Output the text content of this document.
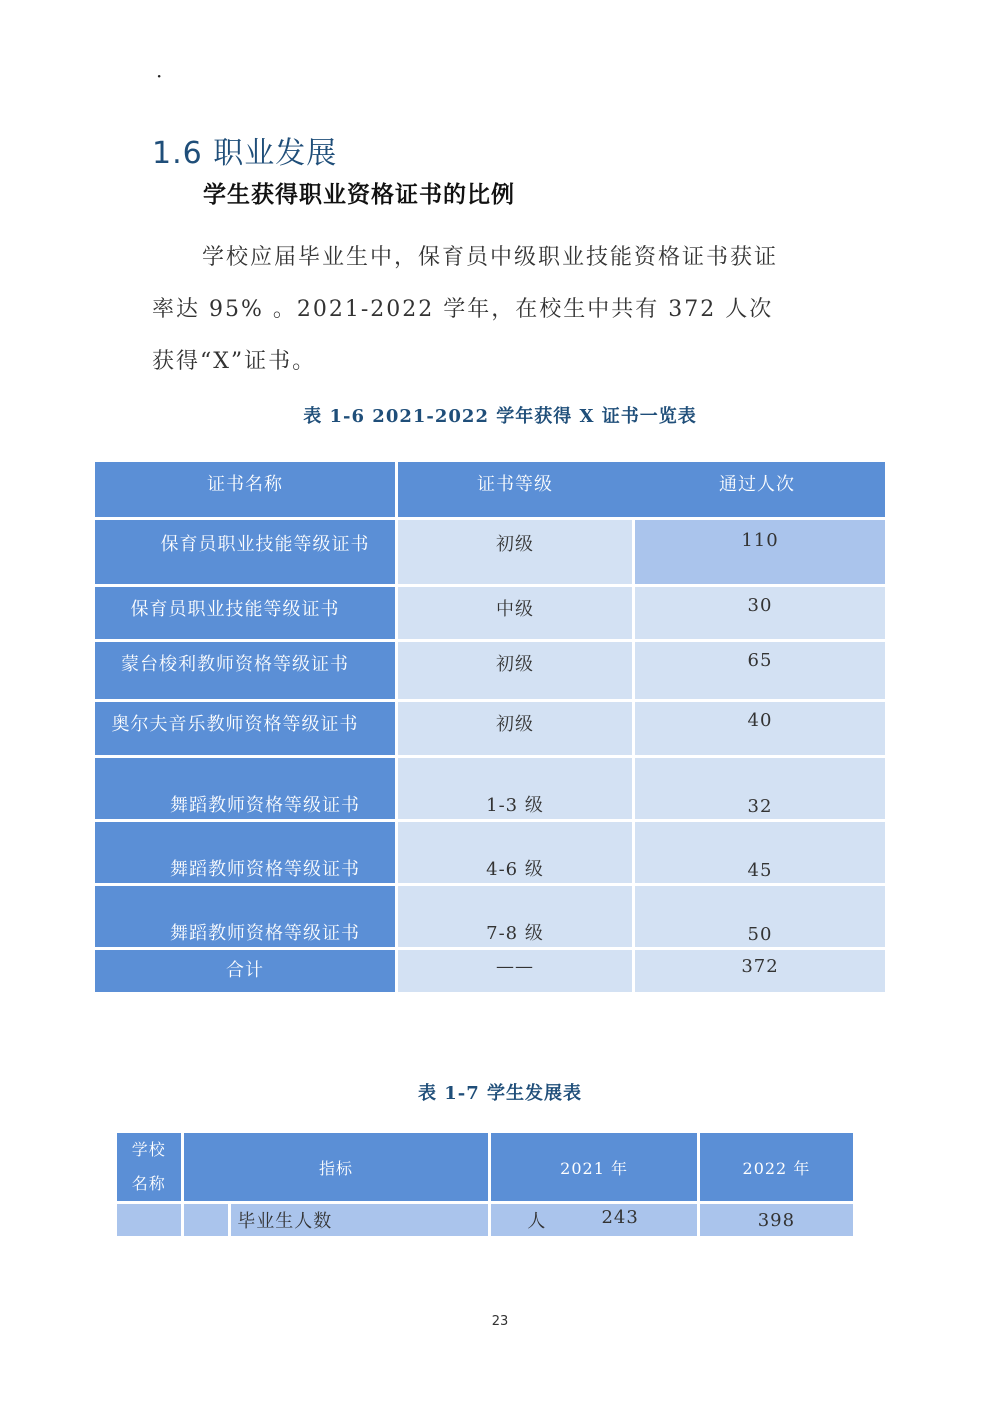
·
1.6 职业发展
学生获得职业资格证书的比例

学校应届毕业生中，保育员中级职业技能资格证书获证率达 95% 。2021-2022 学年，在校生中共有 372 人次获得“X”证书。

表 1-6 2021-2022 学年获得 X 证书一览表
证书名称	证书等级 通过人次	

保育员职业技能等级证书	初级	110
保育员职业技能等级证书	中级	30
蒙台梭利教师资格等级证书	初级	65
奥尔夫音乐教师资格等级证书	初级	40
舞蹈教师资格等级证书	1-3 级	32
舞蹈教师资格等级证书	4-6 级	45
舞蹈教师资格等级证书	7-8 级	50
合计	——	372
表 1-7 学生发展表
学校
名称	指标		2021 年	2022 年
		毕业生人数	人 243	398
23
